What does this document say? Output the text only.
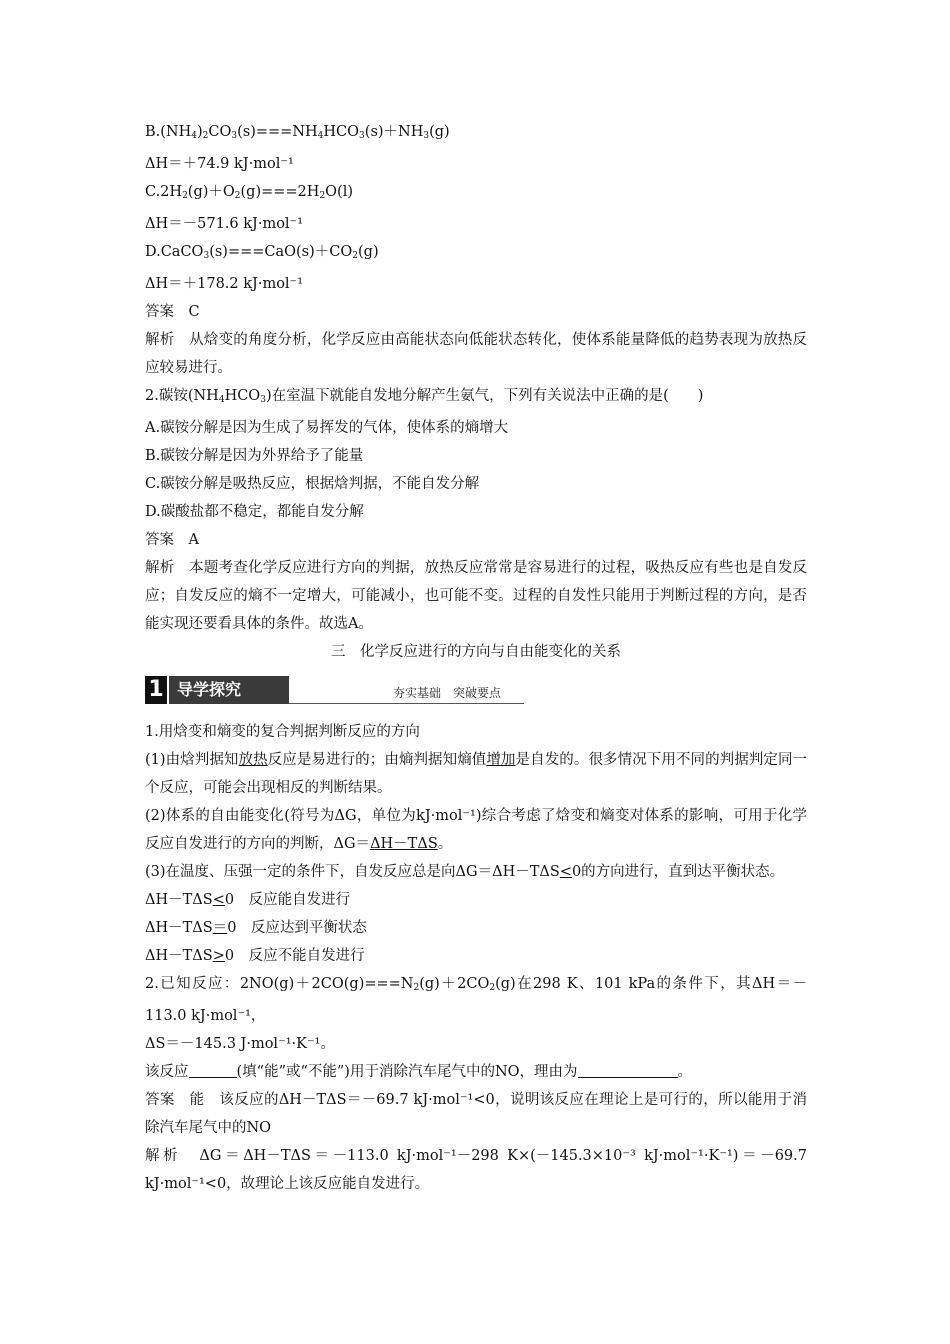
$B.(NH_4)_2CO_3(s)===NH_4HCO_3(s)+NH_3(g)$
ΔH＝＋74.9 kJ·mol⁻¹
$C.2H_2(g)+O_2(g)===2H_2O(l)$
ΔH＝－571.6 kJ·mol⁻¹
$D.CaCO_3(s)===CaO(s)+CO_2(g)$
ΔH＝＋178.2 kJ·mol⁻¹
答案　C
解析　从焓变的角度分析，化学反应由高能状态向低能状态转化，使体系能量降低的趋势表现为放热反应较易进行。
2.碳铵$(NH_4HCO_3)$在室温下就能自发地分解产生氨气，下列有关说法中正确的是(　　)
A.碳铵分解是因为生成了易挥发的气体，使体系的熵增大
B.碳铵分解是因为外界给予了能量
C.碳铵分解是吸热反应，根据焓判据，不能自发分解
D.碳酸盐都不稳定，都能自发分解
答案　A
解析　本题考查化学反应进行方向的判据，放热反应常常是容易进行的过程，吸热反应有些也是自发反应；自发反应的熵不一定增大，可能减小，也可能不变。过程的自发性只能用于判断过程的方向，是否能实现还要看具体的条件。故选A。
三　化学反应进行的方向与自由能变化的关系
1 导学探究	夯实基础　突破要点
1.用焓变和熵变的复合判据判断反应的方向
(1)由焓判据知放热反应是易进行的；由熵判据知熵值增加是自发的。很多情况下用不同的判据判定同一个反应，可能会出现相反的判断结果。
(2)体系的自由能变化(符号为ΔG，单位为kJ·mol⁻¹)综合考虑了焓变和熵变对体系的影响，可用于化学反应自发进行的方向的判断，ΔG＝ΔH－TΔS。
(3)在温度、压强一定的条件下，自发反应总是向ΔG＝ΔH－TΔS<0的方向进行，直到达平衡状态。
ΔH－TΔS<0　反应能自发进行
ΔH－TΔS＝0　反应达到平衡状态
ΔH－TΔS>0　反应不能自发进行
2.已知反应：$2NO(g)+2CO(g)===N_2(g)+2CO_2(g)$在298 K、101 kPa的条件下，其ΔH＝－113.0 kJ·mol⁻¹，
ΔS＝－145.3 J·mol⁻¹·K⁻¹。
该反应	(填“能”或“不能”)用于消除汽车尾气中的NO，理由为	。
答案　能　该反应的ΔH－TΔS＝－69.7 kJ·mol⁻¹<0，说明该反应在理论上是可行的，所以能用于消除汽车尾气中的NO
解析　ΔG＝ΔH－TΔS＝－113.0 kJ·mol⁻¹－298 K×(－145.3×10⁻³ kJ·mol⁻¹·K⁻¹)＝－69.7 kJ·mol⁻¹<0，故理论上该反应能自发进行。
